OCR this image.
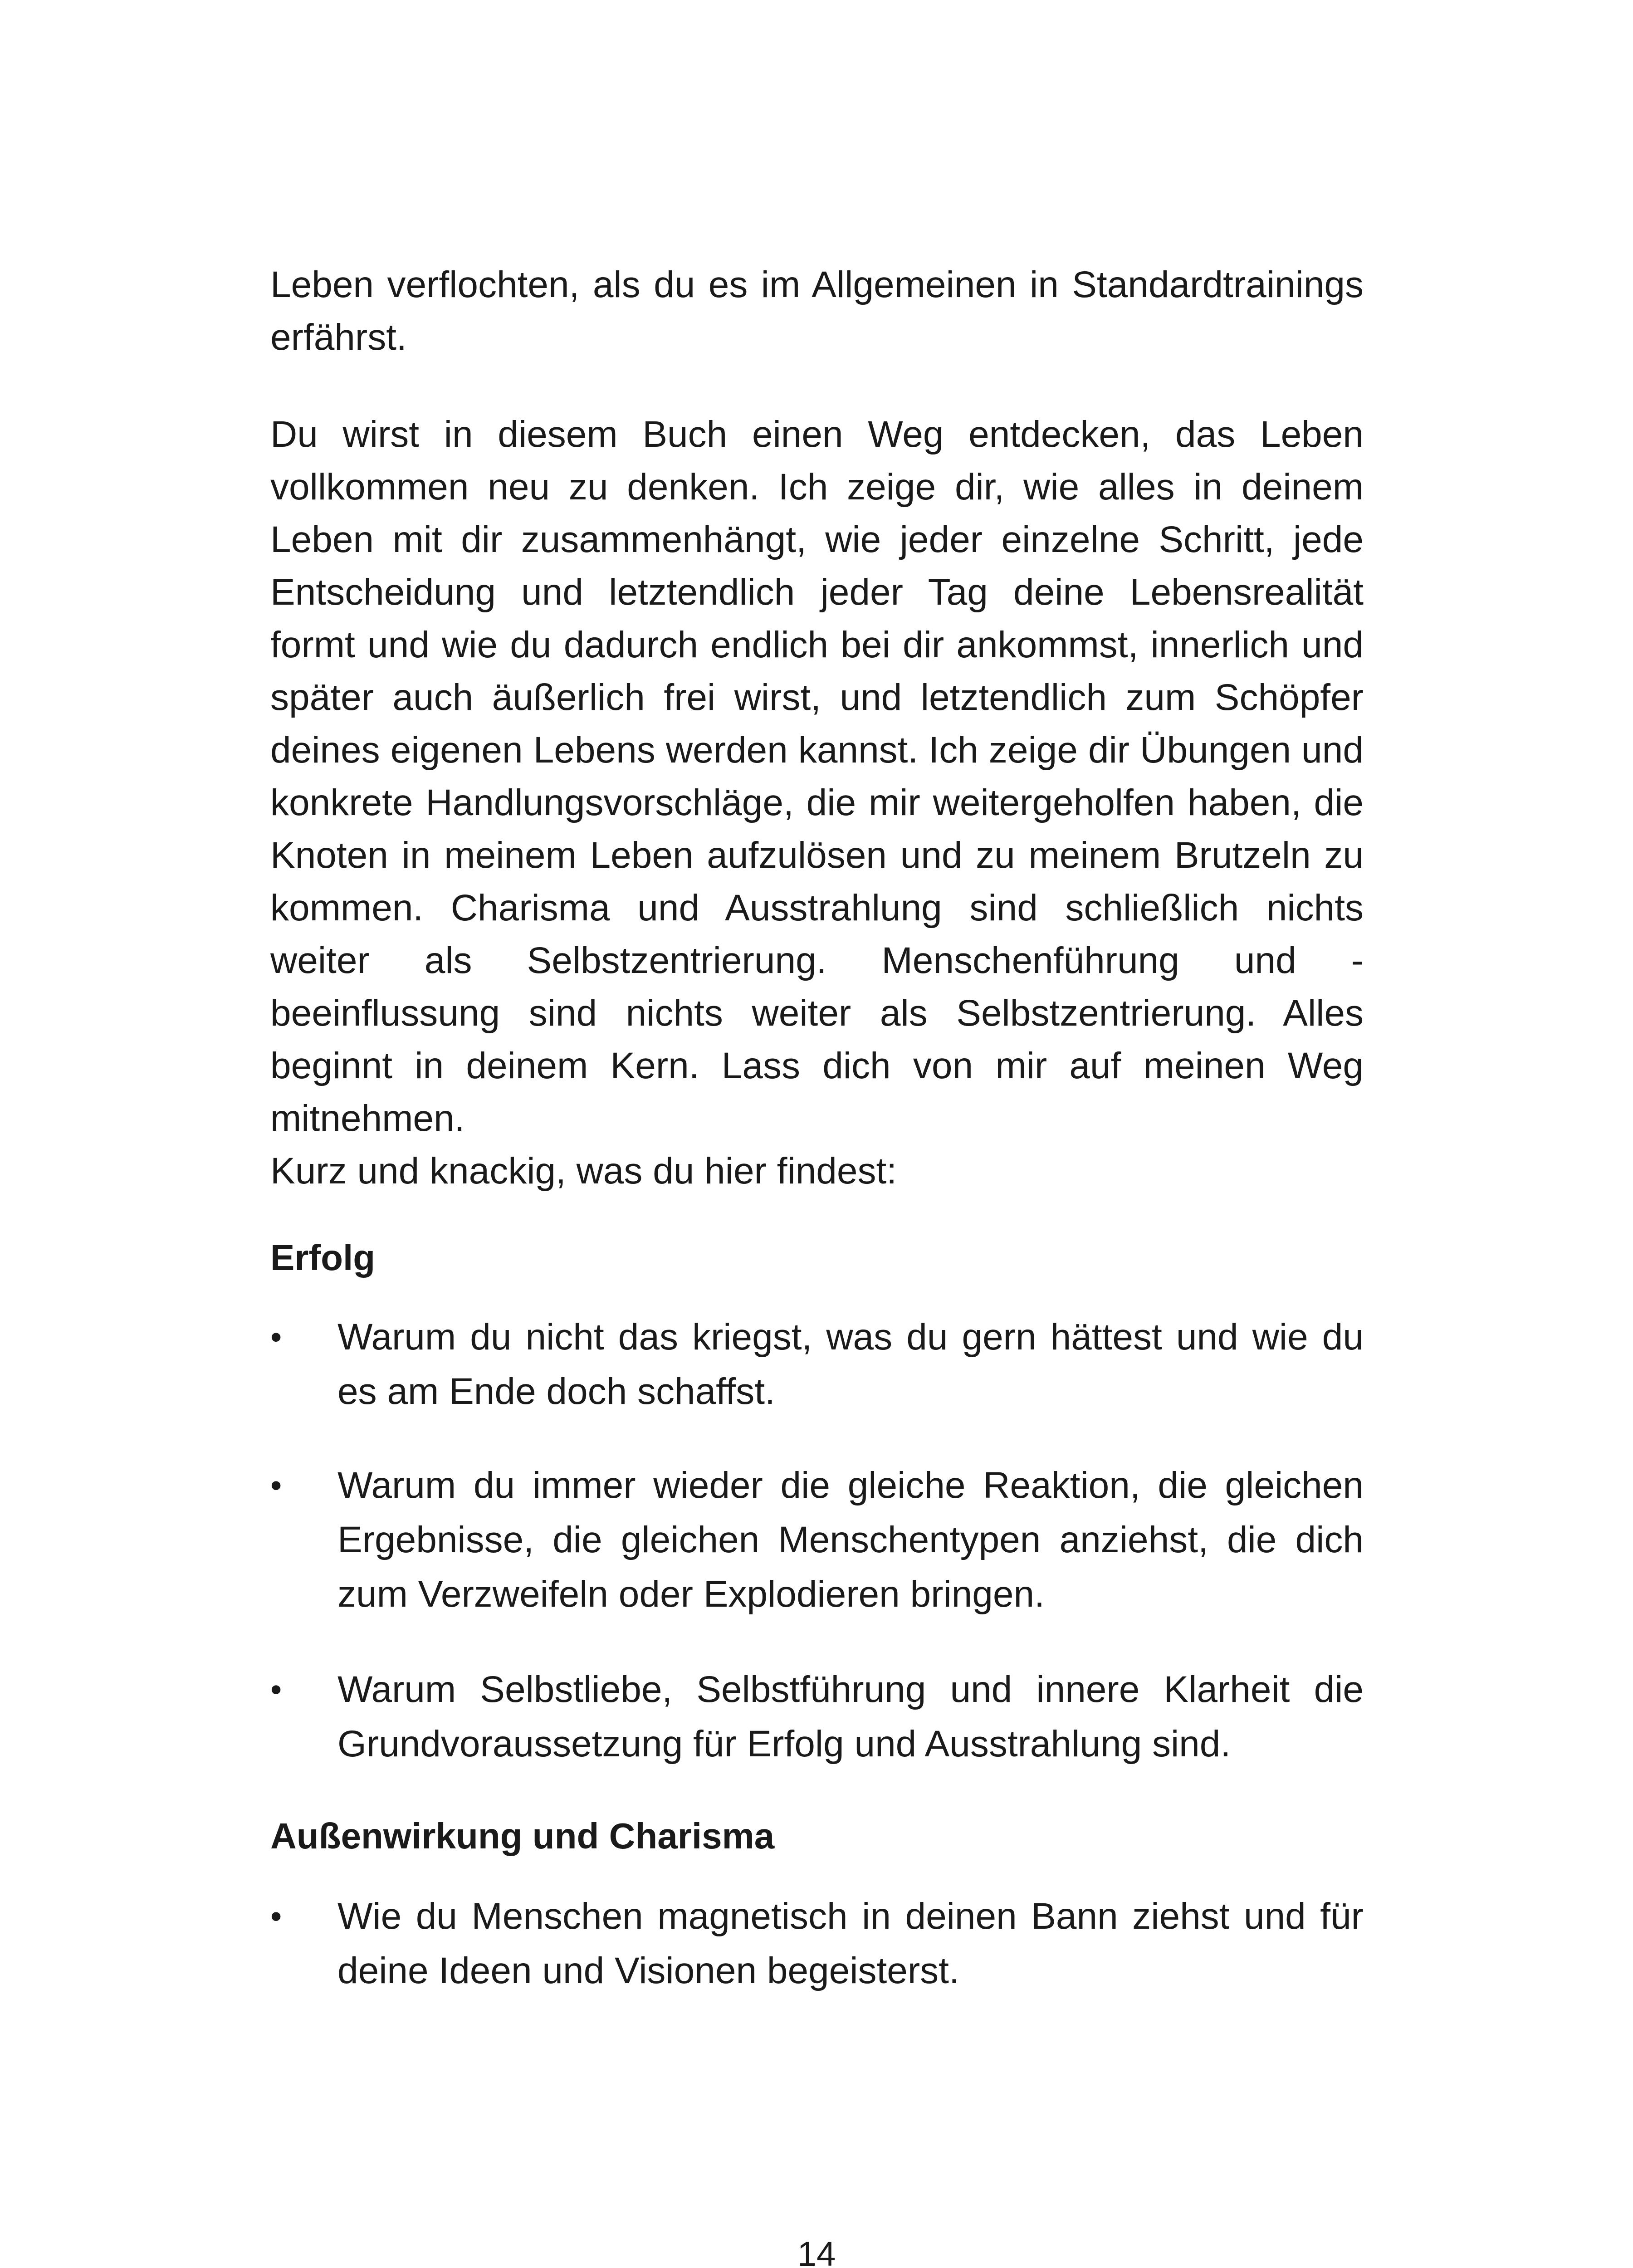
Leben verflochten, als du es im Allgemeinen in Standardtrainings erfährst.

Du wirst in diesem Buch einen Weg entdecken, das Leben vollkommen neu zu denken. Ich zeige dir, wie alles in deinem Leben mit dir zusammenhängt, wie jeder einzelne Schritt, jede Entscheidung und letztendlich jeder Tag deine Lebensrealität formt und wie du dadurch endlich bei dir ankommst, innerlich und später auch äußerlich frei wirst, und letztendlich zum Schöpfer deines eigenen Lebens werden kannst. Ich zeige dir Übungen und konkrete Handlungsvorschläge, die mir weitergeholfen haben, die Knoten in meinem Leben aufzulösen und zu meinem Brutzeln zu kommen. Charisma und Ausstrahlung sind schließlich nichts weiter als Selbstzentrierung. Menschenführung und -beeinflussung sind nichts weiter als Selbstzentrierung. Alles beginnt in deinem Kern. Lass dich von mir auf meinen Weg mitnehmen.
Kurz und knackig, was du hier findest:

Erfolg
•	Warum du nicht das kriegst, was du gern hättest und wie du es am Ende doch schaffst.
•	Warum du immer wieder die gleiche Reaktion, die gleichen Ergebnisse, die gleichen Menschentypen anziehst, die dich zum Verzweifeln oder Explodieren bringen.
•	Warum Selbstliebe, Selbstführung und innere Klarheit die Grundvoraussetzung für Erfolg und Ausstrahlung sind.
Außenwirkung und Charisma
•	Wie du Menschen magnetisch in deinen Bann ziehst und für deine Ideen und Visionen begeisterst.
14
